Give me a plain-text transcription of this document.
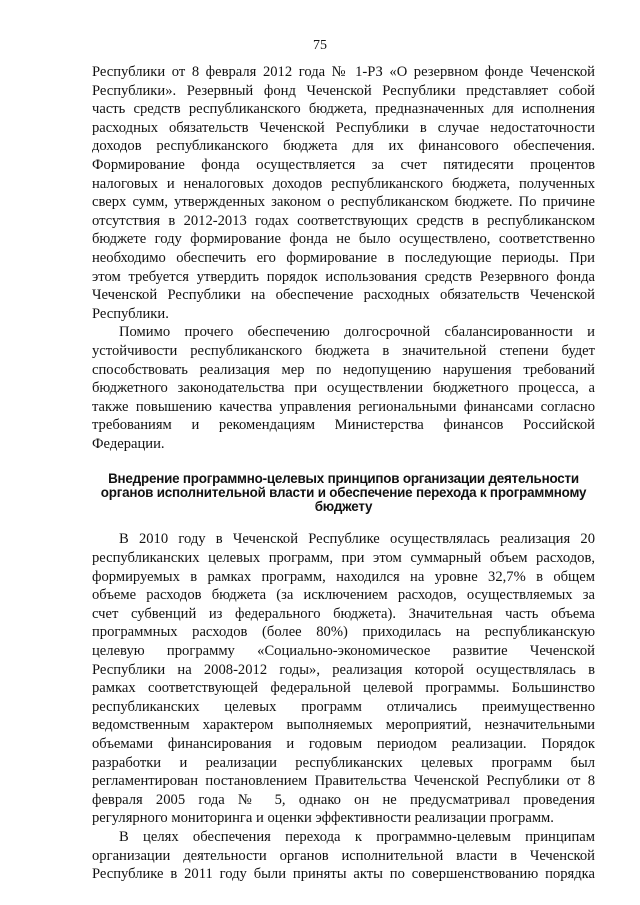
75
Республики от 8 февраля 2012 года № 1-РЗ «О резервном фонде Чеченской
Республики». Резервный фонд Чеченской Республики представляет собой
часть средств республиканского бюджета, предназначенных для исполнения
расходных обязательств Чеченской Республики в случае недостаточности
доходов республиканского бюджета для их финансового обеспечения.
Формирование фонда осуществляется за счет пятидесяти процентов
налоговых и неналоговых доходов республиканского бюджета, полученных
сверх сумм, утвержденных законом о республиканском бюджете. По причине
отсутствия в 2012-2013 годах соответствующих средств в республиканском
бюджете году формирование фонда не было осуществлено, соответственно
необходимо обеспечить его формирование в последующие периоды. При
этом требуется утвердить порядок использования средств Резервного фонда
Чеченской Республики на обеспечение расходных обязательств Чеченской
Республики.
Помимо прочего обеспечению долгосрочной сбалансированности и
устойчивости республиканского бюджета в значительной степени будет
способствовать реализация мер по недопущению нарушения требований
бюджетного законодательства при осуществлении бюджетного процесса, а
также повышению качества управления региональными финансами согласно
требованиям и рекомендациям Министерства финансов Российской
Федерации.
Внедрение программно-целевых принципов организации деятельности
органов исполнительной власти и обеспечение перехода к программному
бюджету
В 2010 году в Чеченской Республике осуществлялась реализация 20
республиканских целевых программ, при этом суммарный объем расходов,
формируемых в рамках программ, находился на уровне 32,7% в общем
объеме расходов бюджета (за исключением расходов, осуществляемых за
счет субвенций из федерального бюджета). Значительная часть объема
программных расходов (более 80%) приходилась на республиканскую
целевую программу «Социально-экономическое развитие Чеченской
Республики на 2008-2012 годы», реализация которой осуществлялась в
рамках соответствующей федеральной целевой программы. Большинство
республиканских целевых программ отличались преимущественно
ведомственным характером выполняемых мероприятий, незначительными
объемами финансирования и годовым периодом реализации. Порядок
разработки и реализации республиканских целевых программ был
регламентирован постановлением Правительства Чеченской Республики от 8
февраля 2005 года № 5, однако он не предусматривал проведения
регулярного мониторинга и оценки эффективности реализации программ.
В целях обеспечения перехода к программно-целевым принципам
организации деятельности органов исполнительной власти в Чеченской
Республике в 2011 году были приняты акты по совершенствованию порядка
